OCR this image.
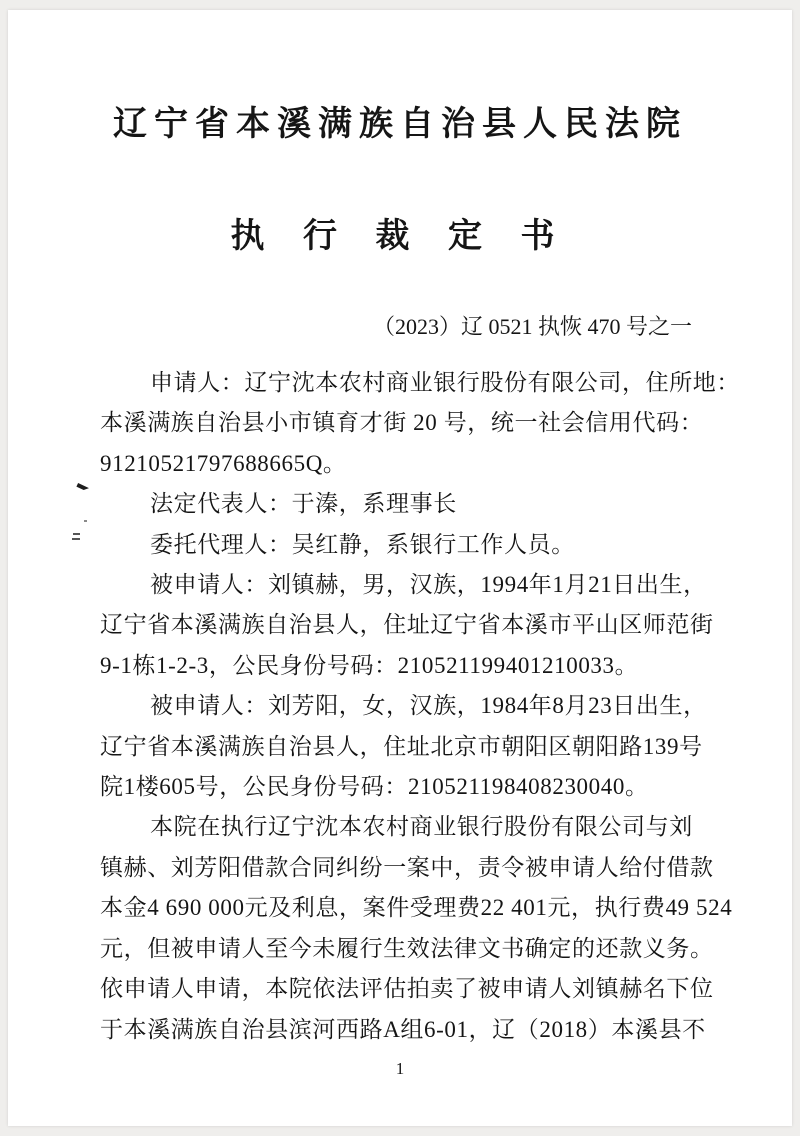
辽宁省本溪满族自治县人民法院
执 行 裁 定 书
（2023）辽 0521 执恢 470 号之一
申请人：辽宁沈本农村商业银行股份有限公司，住所地：
本溪满族自治县小市镇育才街 20 号，统一社会信用代码：
91210521797688665Q。
法定代表人：于溱，系理事长
委托代理人：吴红静，系银行工作人员。
被申请人：刘镇赫，男，汉族，1994年1月21日出生，
辽宁省本溪满族自治县人，住址辽宁省本溪市平山区师范街
9-1栋1-2-3，公民身份号码：210521199401210033。
被申请人：刘芳阳，女，汉族，1984年8月23日出生，
辽宁省本溪满族自治县人，住址北京市朝阳区朝阳路139号
院1楼605号，公民身份号码：210521198408230040。
本院在执行辽宁沈本农村商业银行股份有限公司与刘
镇赫、刘芳阳借款合同纠纷一案中，责令被申请人给付借款
本金4 690 000元及利息，案件受理费22 401元，执行费49 524
元，但被申请人至今未履行生效法律文书确定的还款义务。
依申请人申请，本院依法评估拍卖了被申请人刘镇赫名下位
于本溪满族自治县滨河西路A组6-01，辽（2018）本溪县不
1
